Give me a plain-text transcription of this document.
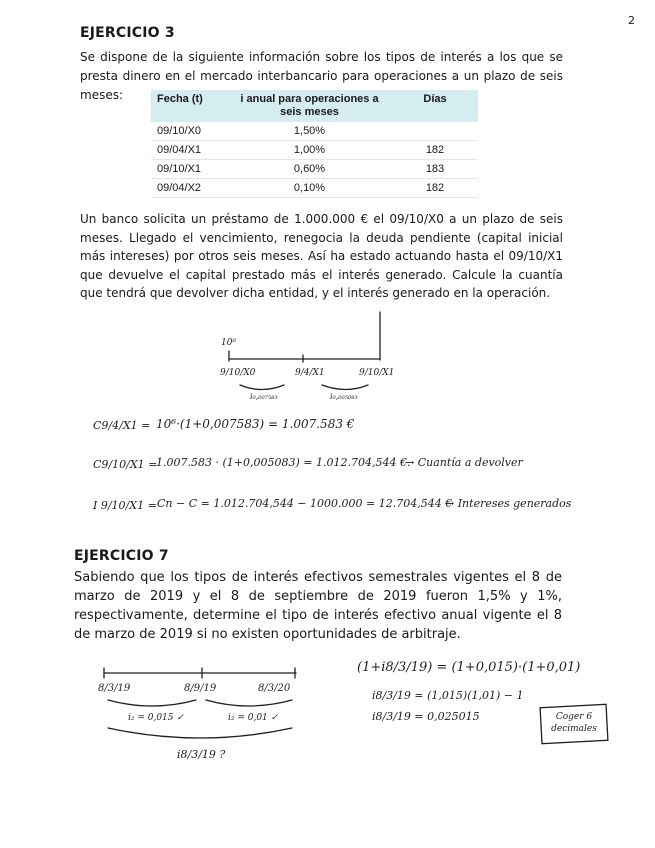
2
EJERCICIO 3
Se dispone de la siguiente información sobre los tipos de interés a los que se presta dinero en el mercado interbancario para operaciones a un plazo de seis meses:	Fecha (t)	i anual para operaciones a seis meses	Días
09/10/X0	1,50%	
09/04/X1	1,00%	182
09/10/X1	0,60%	183
09/04/X2	0,10%	182
Un banco solicita un préstamo de 1.000.000 € el 09/10/X0 a un plazo de seis meses. Llegado el vencimiento, renegocia la deuda pendiente (capital inicial más intereses) por otros seis meses. Así ha estado actuando hasta el 09/10/X1 que devuelve el capital prestado más el interés generado. Calcule la cuantía que tendrá que devolver dicha entidad, y el interés generado en la operación.
10⁶
9/10/X0	9/4/X1	9/10/X1
i₀,₀₀₇₅₈₃	i₀,₀₀₅₀₈₃
C9/4/X1 = 10⁶·(1+0,007583) = 1.007.583 €
C9/10/X1 =
1.007.583 · (1+0,005083) = 1.012.704,544 €.
→ Cuantía a devolver
I 9/10/X1 = Cn − C = 1.012.704,544 − 1000.000 = 12.704,544 €
→ Intereses generados
EJERCICIO 7
Sabiendo que los tipos de interés efectivos semestrales vigentes el 8 de marzo de 2019 y el 8 de septiembre de 2019 fueron 1,5% y 1%, respectivamente, determine el tipo de interés efectivo anual vigente el 8 de marzo de 2019 si no existen oportunidades de arbitraje.
8/3/19	8/9/19	8/3/20
i₂ = 0,015 ✓	i₂ = 0,01 ✓
i8/3/19 ?
(1+i8/3/19) = (1+0,015)·(1+0,01)
i8/3/19 = (1,015)(1,01) − 1
i8/3/19 = 0,025015	Coger 6 decimales
